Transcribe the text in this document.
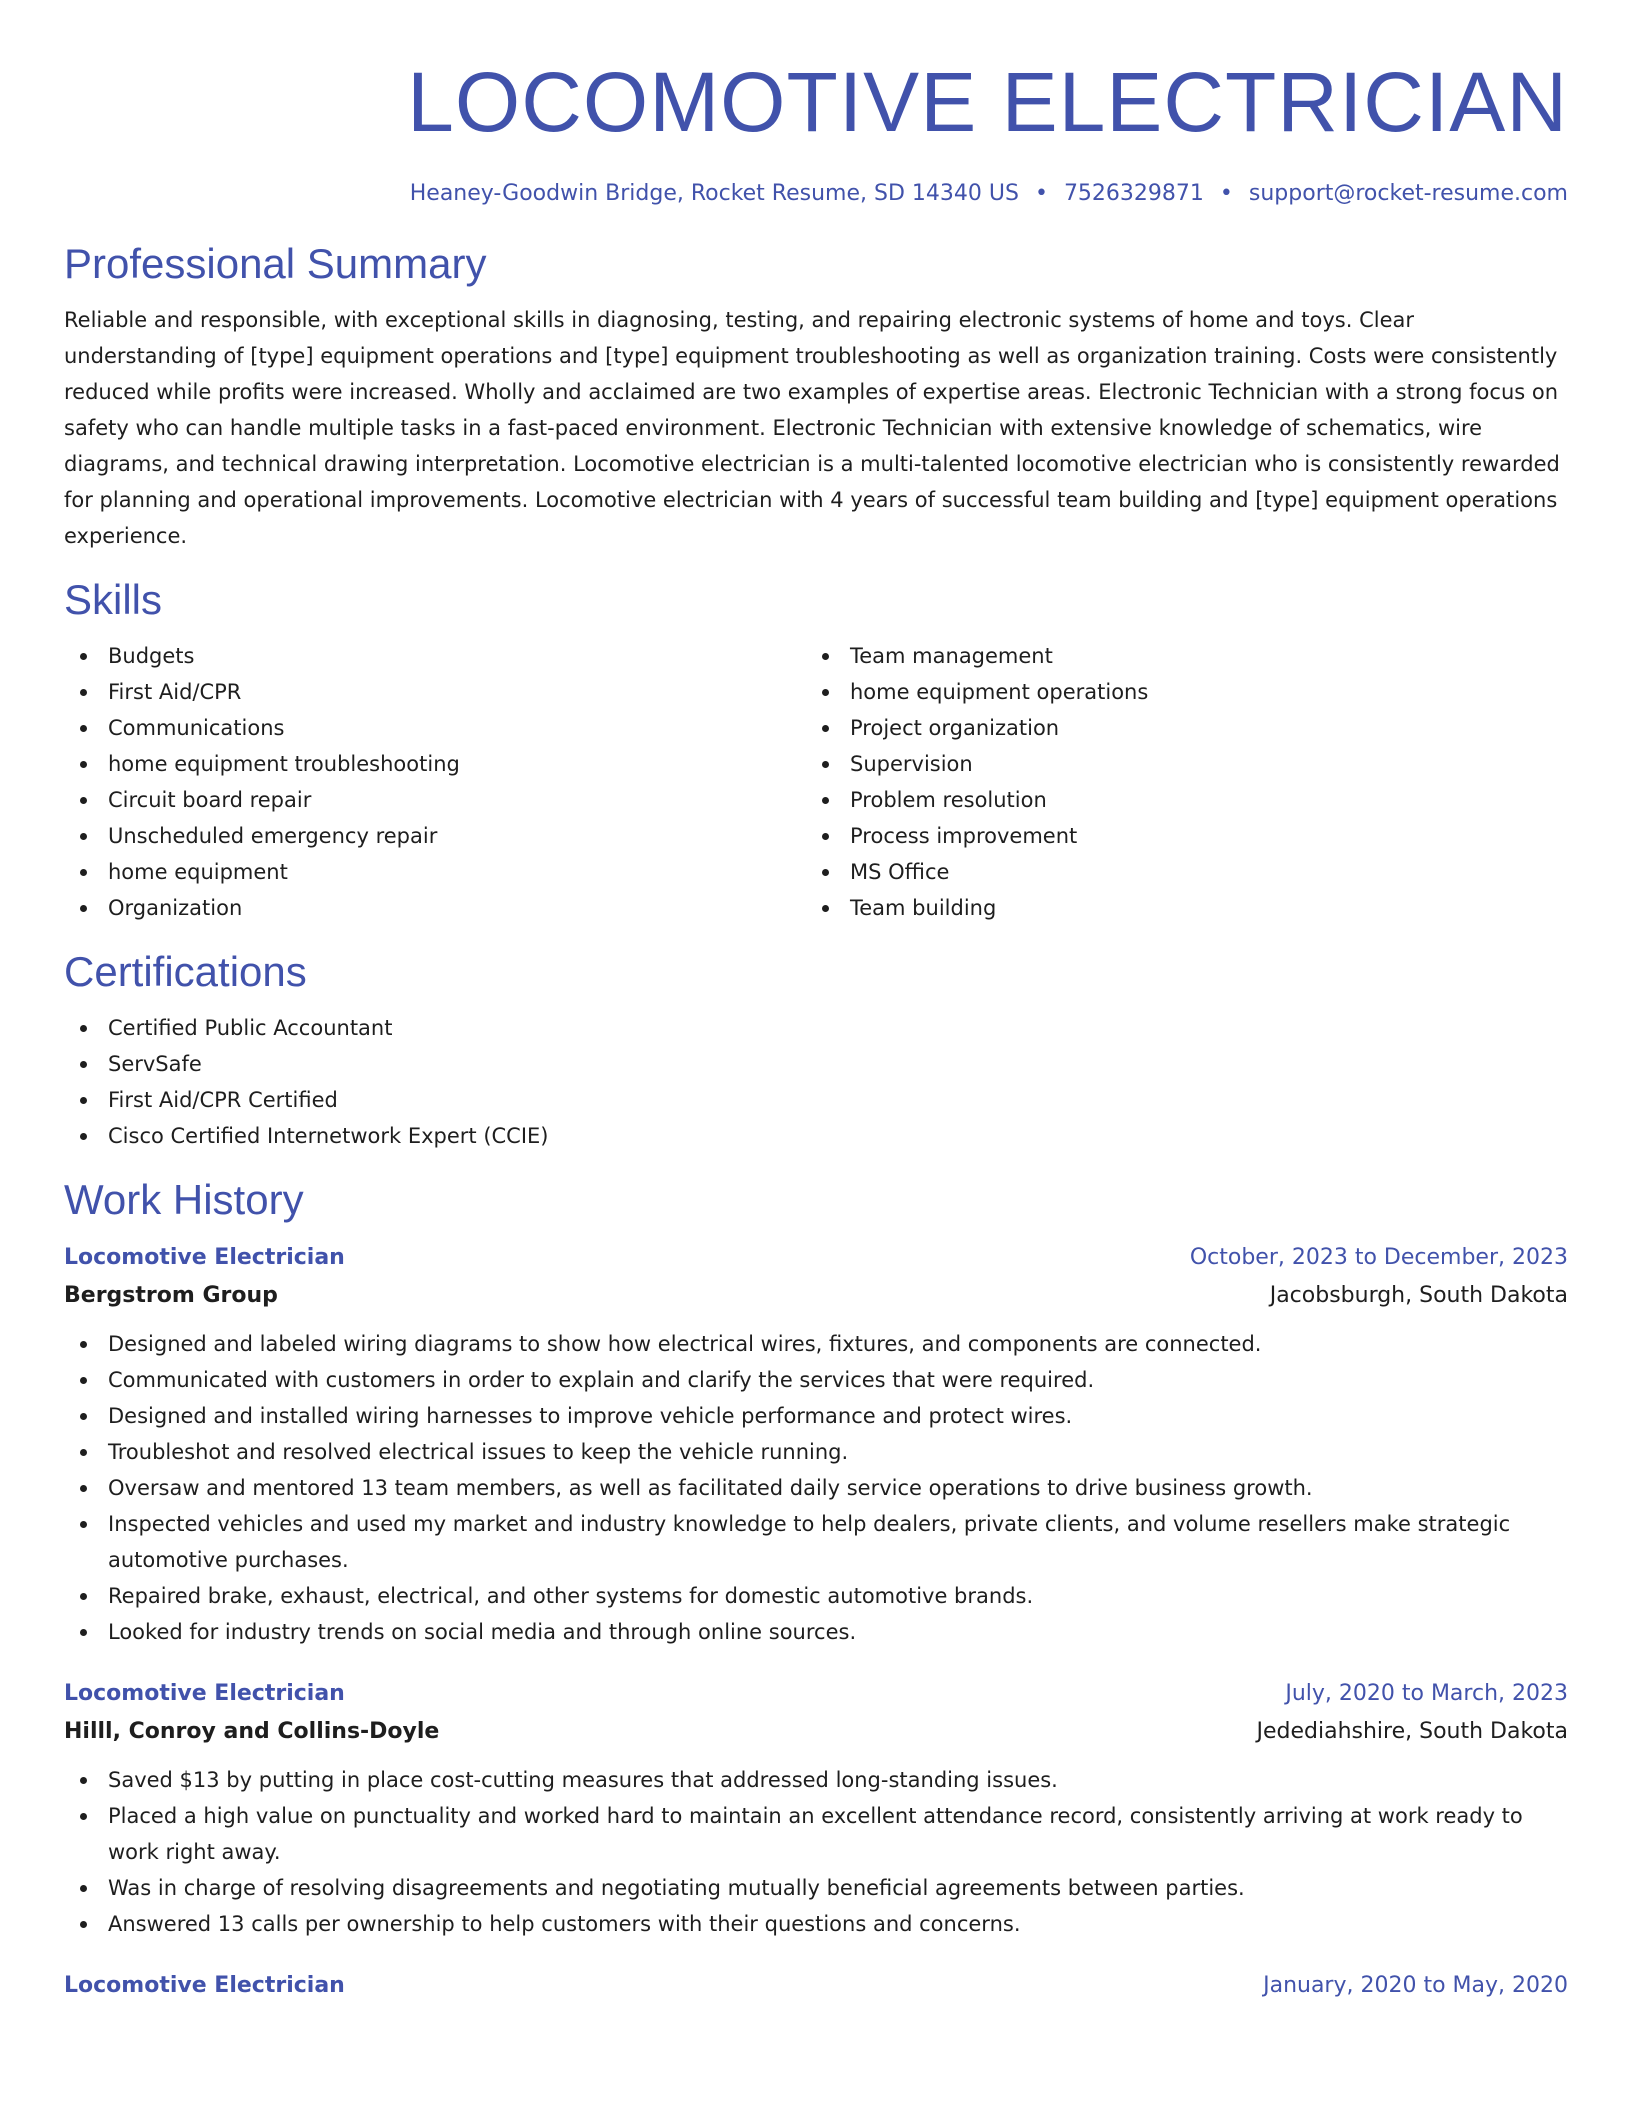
LOCOMOTIVE ELECTRICIAN
Heaney-Goodwin Bridge, Rocket Resume, SD 14340 US • 7526329871 • support@rocket-resume.com
Professional Summary

Reliable and responsible, with exceptional skills in diagnosing, testing, and repairing electronic systems of home and toys. Clear understanding of [type] equipment operations and [type] equipment troubleshooting as well as organization training. Costs were consistently reduced while profits were increased. Wholly and acclaimed are two examples of expertise areas. Electronic Technician with a strong focus on safety who can handle multiple tasks in a fast-paced environment. Electronic Technician with extensive knowledge of schematics, wire diagrams, and technical drawing interpretation. Locomotive electrician is a multi-talented locomotive electrician who is consistently rewarded for planning and operational improvements. Locomotive electrician with 4 years of successful team building and [type] equipment operations experience.

Skills
Budgets
First Aid/CPR
Communications
home equipment troubleshooting
Circuit board repair
Unscheduled emergency repair
home equipment
Organization
Team management
home equipment operations
Project organization
Supervision
Problem resolution
Process improvement
MS Office
Team building
Certifications
Certified Public Accountant
ServSafe
First Aid/CPR Certified
Cisco Certified Internetwork Expert (CCIE)
Work History
Locomotive Electrician	October, 2023 to December, 2023
Bergstrom Group	Jacobsburgh, South Dakota
Designed and labeled wiring diagrams to show how electrical wires, fixtures, and components are connected.
Communicated with customers in order to explain and clarify the services that were required.
Designed and installed wiring harnesses to improve vehicle performance and protect wires.
Troubleshot and resolved electrical issues to keep the vehicle running.
Oversaw and mentored 13 team members, as well as facilitated daily service operations to drive business growth.
Inspected vehicles and used my market and industry knowledge to help dealers, private clients, and volume resellers make strategic automotive purchases.
Repaired brake, exhaust, electrical, and other systems for domestic automotive brands.
Looked for industry trends on social media and through online sources.
Locomotive Electrician	July, 2020 to March, 2023
Hilll, Conroy and Collins-Doyle	Jedediahshire, South Dakota
Saved $13 by putting in place cost-cutting measures that addressed long-standing issues.
Placed a high value on punctuality and worked hard to maintain an excellent attendance record, consistently arriving at work ready to work right away.
Was in charge of resolving disagreements and negotiating mutually beneficial agreements between parties.
Answered 13 calls per ownership to help customers with their questions and concerns.
Locomotive Electrician	January, 2020 to May, 2020
